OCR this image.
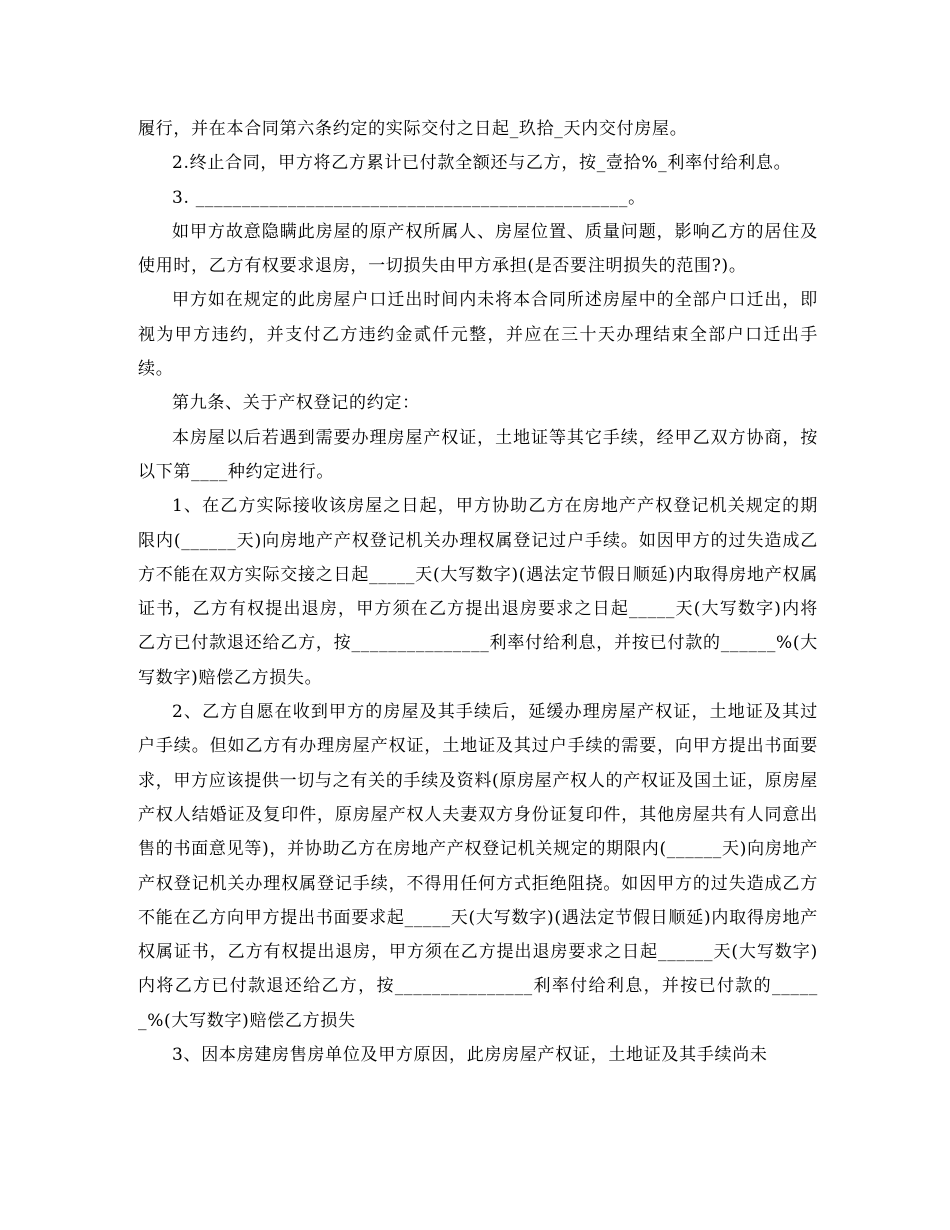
履行，并在本合同第六条约定的实际交付之日起_玖拾_天内交付房屋。

2.终止合同，甲方将乙方累计已付款全额还与乙方，按_壹拾%_利率付给利息。

3. _______________________________________________。

如甲方故意隐瞒此房屋的原产权所属人、房屋位置、质量问题，影响乙方的居住及使用时，乙方有权要求退房，一切损失由甲方承担(是否要注明损失的范围?)。

甲方如在规定的此房屋户口迁出时间内未将本合同所述房屋中的全部户口迁出，即视为甲方违约，并支付乙方违约金贰仟元整，并应在三十天办理结束全部户口迁出手续。

第九条、关于产权登记的约定：

本房屋以后若遇到需要办理房屋产权证，土地证等其它手续，经甲乙双方协商，按以下第____种约定进行。

1、在乙方实际接收该房屋之日起，甲方协助乙方在房地产产权登记机关规定的期限内(______天)向房地产产权登记机关办理权属登记过户手续。如因甲方的过失造成乙方不能在双方实际交接之日起_____天(大写数字)(遇法定节假日顺延)内取得房地产权属证书，乙方有权提出退房，甲方须在乙方提出退房要求之日起_____天(大写数字)内将乙方已付款退还给乙方，按_______________利率付给利息，并按已付款的______%(大写数字)赔偿乙方损失。

2、乙方自愿在收到甲方的房屋及其手续后，延缓办理房屋产权证，土地证及其过户手续。但如乙方有办理房屋产权证，土地证及其过户手续的需要，向甲方提出书面要求，甲方应该提供一切与之有关的手续及资料(原房屋产权人的产权证及国土证，原房屋产权人结婚证及复印件，原房屋产权人夫妻双方身份证复印件，其他房屋共有人同意出售的书面意见等)，并协助乙方在房地产产权登记机关规定的期限内(______天)向房地产产权登记机关办理权属登记手续，不得用任何方式拒绝阻挠。如因甲方的过失造成乙方不能在乙方向甲方提出书面要求起_____天(大写数字)(遇法定节假日顺延)内取得房地产权属证书，乙方有权提出退房，甲方须在乙方提出退房要求之日起______天(大写数字)内将乙方已付款退还给乙方，按_______________利率付给利息，并按已付款的______%(大写数字)赔偿乙方损失

3、因本房建房售房单位及甲方原因，此房房屋产权证，土地证及其手续尚未
